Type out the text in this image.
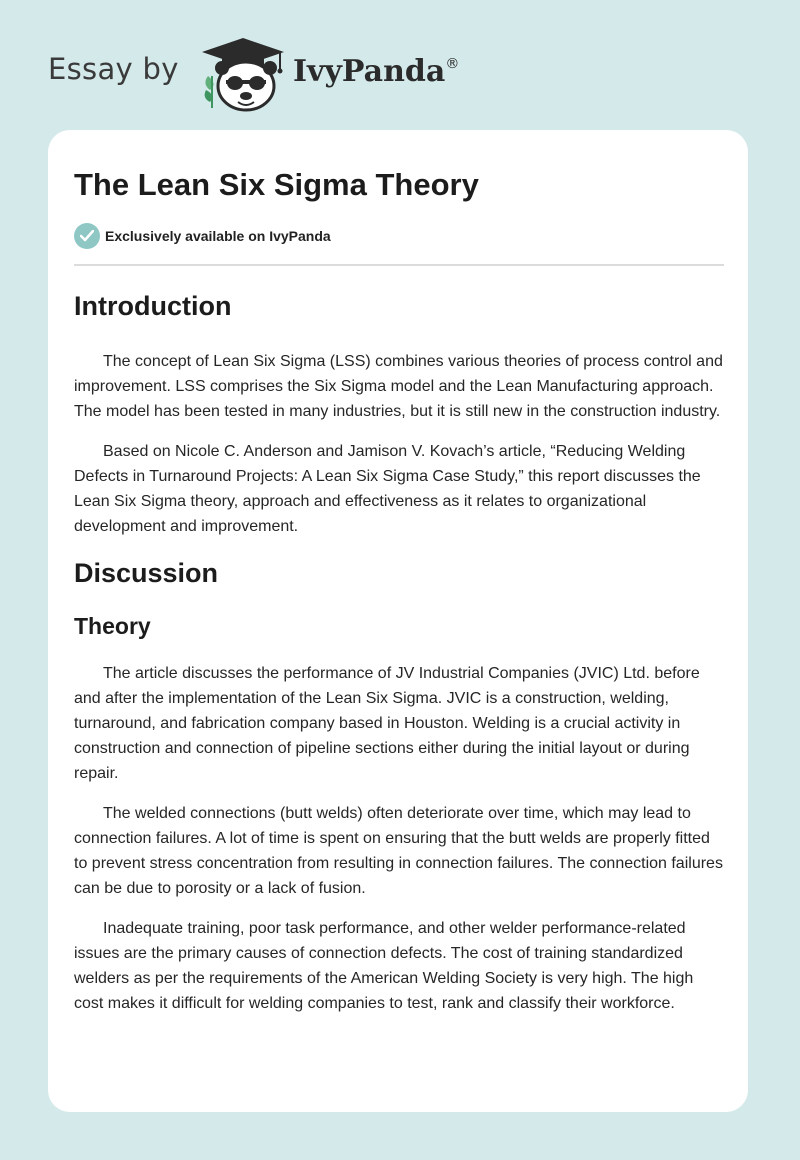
Essay by	IvyPanda®
The Lean Six Sigma Theory
Exclusively available on IvyPanda
Introduction

The concept of Lean Six Sigma (LSS) combines various theories of process control and improvement. LSS comprises the Six Sigma model and the Lean Manufacturing approach. The model has been tested in many industries, but it is still new in the construction industry.

Based on Nicole C. Anderson and Jamison V. Kovach’s article, “Reducing Welding Defects in Turnaround Projects: A Lean Six Sigma Case Study,” this report discusses the Lean Six Sigma theory, approach and effectiveness as it relates to organizational development and improvement.

Discussion
Theory

The article discusses the performance of JV Industrial Companies (JVIC) Ltd. before and after the implementation of the Lean Six Sigma. JVIC is a construction, welding, turnaround, and fabrication company based in Houston. Welding is a crucial activity in construction and connection of pipeline sections either during the initial layout or during repair.

The welded connections (butt welds) often deteriorate over time, which may lead to connection failures. A lot of time is spent on ensuring that the butt welds are properly fitted to prevent stress concentration from resulting in connection failures. The connection failures can be due to porosity or a lack of fusion.

Inadequate training, poor task performance, and other welder performance-related issues are the primary causes of connection defects. The cost of training standardized welders as per the requirements of the American Welding Society is very high. The high cost makes it difficult for welding companies to test, rank and classify their workforce.
